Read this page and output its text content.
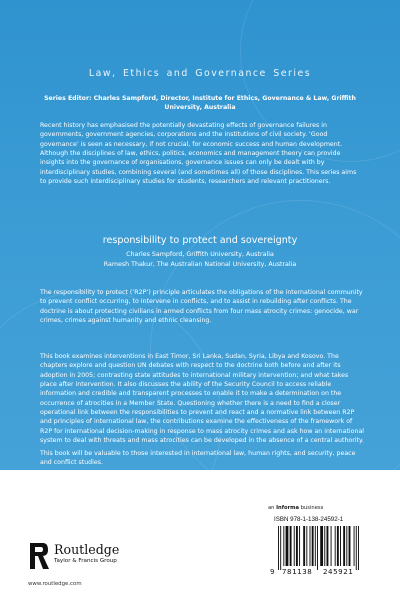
Law, Ethics and Governance Series
Series Editor: Charles Sampford, Director, Institute for Ethics, Governance & Law, Griffith University, Australia
Recent history has emphasised the potentially devastating effects of governance failures in governments, government agencies, corporations and the institutions of civil society. ‘Good governance’ is seen as necessary, if not crucial, for economic success and human development. Although the disciplines of law, ethics, politics, economics and management theory can provide insights into the governance of organisations, governance issues can only be dealt with by interdisciplinary studies, combining several (and sometimes all) of those disciplines. This series aims to provide such interdisciplinary studies for students, researchers and relevant practitioners.
responsibility to protect and sovereignty
Charles Sampford, Griffith University, Australia
Ramesh Thakur, The Australian National University, Australia
The responsibility to protect (‘R2P’) principle articulates the obligations of the international community to prevent conflict occurring, to intervene in conflicts, and to assist in rebuilding after conflicts. The doctrine is about protecting civilians in armed conflicts from four mass atrocity crimes: genocide, war crimes, crimes against humanity and ethnic cleansing.
This book examines interventions in East Timor, Sri Lanka, Sudan, Syria, Libya and Kosovo. The chapters explore and question UN debates with respect to the doctrine both before and after its adoption in 2005; contrasting state attitudes to international military intervention; and what takes place after intervention. It also discusses the ability of the Security Council to access reliable information and credible and transparent processes to enable it to make a determination on the occurrence of atrocities in a Member State. Questioning whether there is a need to find a closer operational link between the responsibilities to prevent and react and a normative link between R2P and principles of international law, the contributions examine the effectiveness of the framework of R2P for international decision-making in response to mass atrocity crimes and ask how an international system to deal with threats and mass atrocities can be developed in the absence of a central authority.
This book will be valuable to those interested in international law, human rights, and security, peace and conflict studies.
an Informa business
ISBN 978-1-138-24592-1
9 781138 245921
Routledge
Taylor & Francis Group
www.routledge.com
